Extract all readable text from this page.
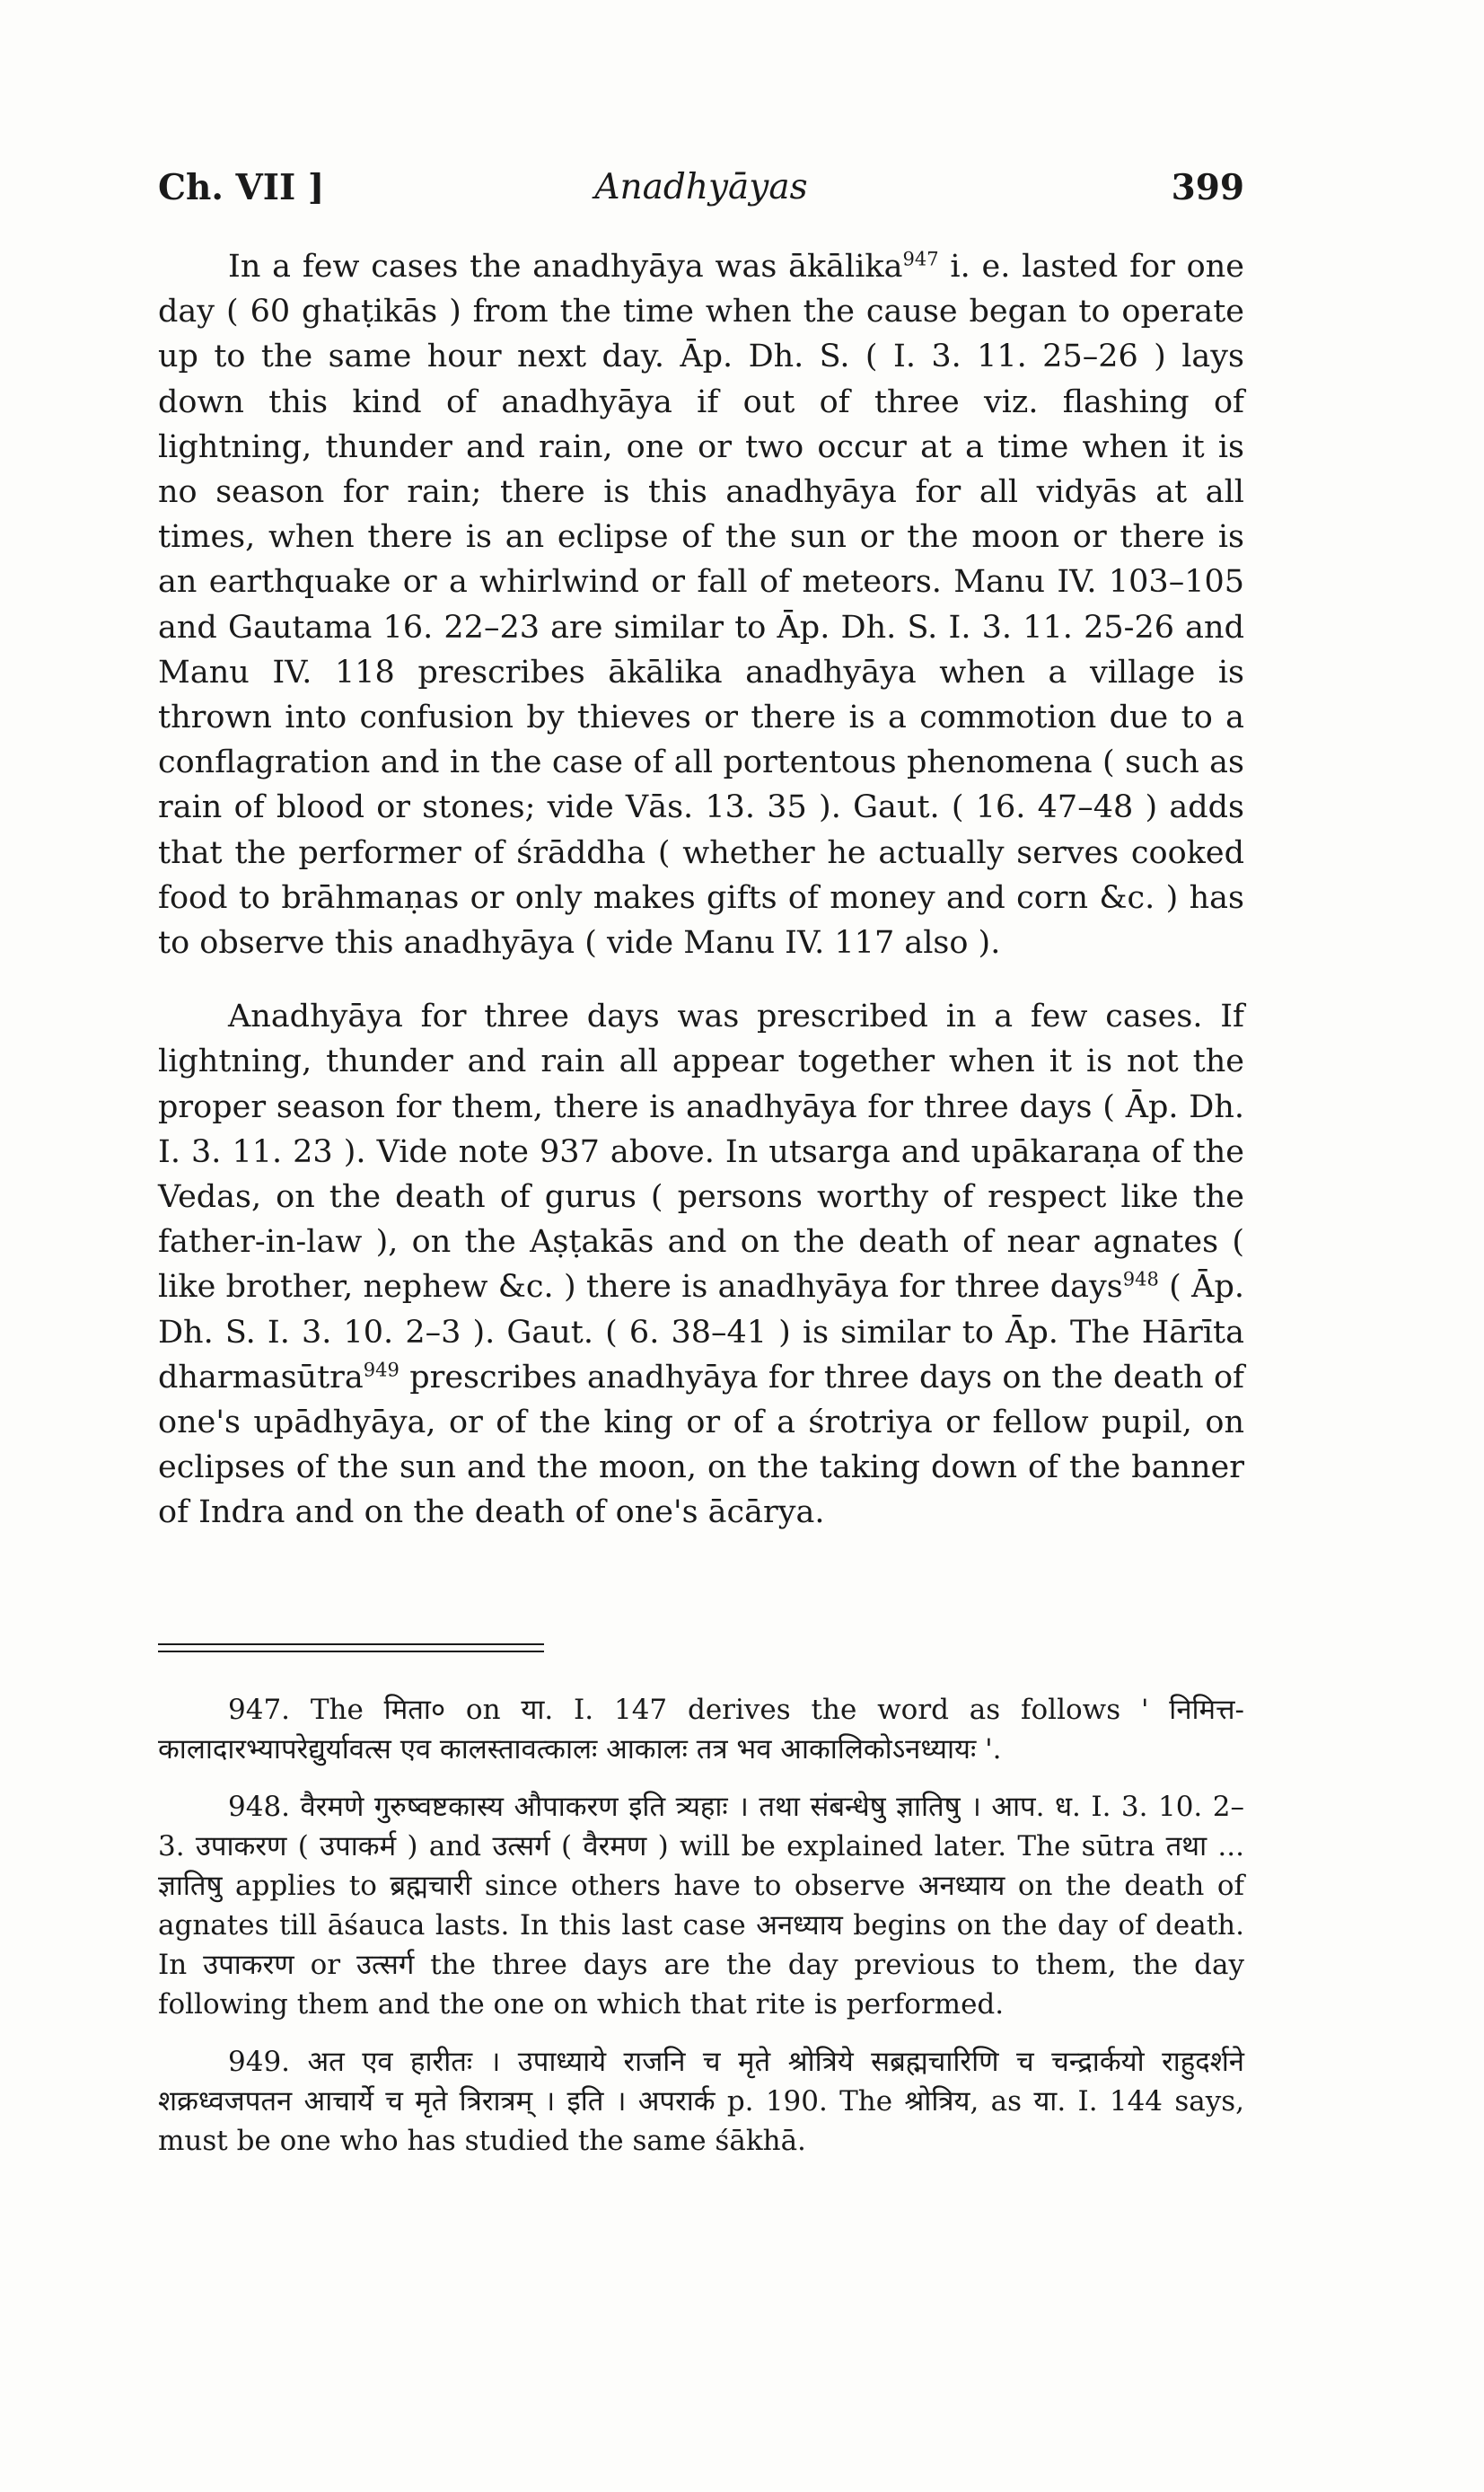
Ch. VII ]	Anadhyāyas	399

In a few cases the anadhyāya was ākālika$^{947}$ i. e. lasted for one day ( 60 ghaṭikās ) from the time when the cause began to operate up to the same hour next day. Āp. Dh. S. ( I. 3. 11. 25–26 ) lays down this kind of anadhyāya if out of three viz. flashing of lightning, thunder and rain, one or two occur at a time when it is no season for rain; there is this anadhyāya for all vidyās at all times, when there is an eclipse of the sun or the moon or there is an earthquake or a whirlwind or fall of meteors. Manu IV. 103–105 and Gautama 16. 22–23 are similar to Āp. Dh. S. I. 3. 11. 25-26 and Manu IV. 118 prescribes ākālika anadhyāya when a village is thrown into confusion by thieves or there is a commotion due to a conflagration and in the case of all portentous phenomena ( such as rain of blood or stones; vide Vās. 13. 35 ). Gaut. ( 16. 47–48 ) adds that the performer of śrāddha ( whether he actually serves cooked food to brāhmaṇas or only makes gifts of money and corn &c. ) has to observe this anadhyāya ( vide Manu IV. 117 also ).

Anadhyāya for three days was prescribed in a few cases. If lightning, thunder and rain all appear together when it is not the proper season for them, there is anadhyāya for three days ( Āp. Dh. I. 3. 11. 23 ). Vide note 937 above. In utsarga and upākaraṇa of the Vedas, on the death of gurus ( persons worthy of respect like the father-in-law ), on the Aṣṭakās and on the death of near agnates ( like brother, nephew &c. ) there is anadhyāya for three days$^{948}$ ( Āp. Dh. S. I. 3. 10. 2–3 ). Gaut. ( 6. 38–41 ) is similar to Āp. The Hārīta dharmasūtra$^{949}$ prescribes anadhyāya for three days on the death of one's upādhyāya, or of the king or of a śrotriya or fellow pupil, on eclipses of the sun and the moon, on the taking down of the banner of Indra and on the death of one's ācārya.

947. The मिता० on या. I. 147 derives the word as follows ' निमित्त-कालादारभ्यापरेद्युर्यावत्स एव कालस्तावत्कालः आकालः तत्र भव आकालिकोऽनध्यायः '.

948. वैरमणे गुरुष्वष्टकास्य औपाकरण इति त्र्यहाः । तथा संबन्धेषु ज्ञातिषु । आप. ध. I. 3. 10. 2–3. उपाकरण ( उपाकर्म ) and उत्सर्ग ( वैरमण ) will be explained later. The sūtra तथा ... ज्ञातिषु applies to ब्रह्मचारी since others have to observe अनध्याय on the death of agnates till āśauca lasts. In this last case अनध्याय begins on the day of death. In उपाकरण or उत्सर्ग the three days are the day previous to them, the day following them and the one on which that rite is performed.

949. अत एव हारीतः । उपाध्याये राजनि च मृते श्रोत्रिये सब्रह्मचारिणि च चन्द्रार्कयो राहुदर्शने शक्रध्वजपतन आचार्ये च मृते त्रिरात्रम् । इति । अपरार्क p. 190. The श्रोत्रिय, as या. I. 144 says, must be one who has studied the same śākhā.
